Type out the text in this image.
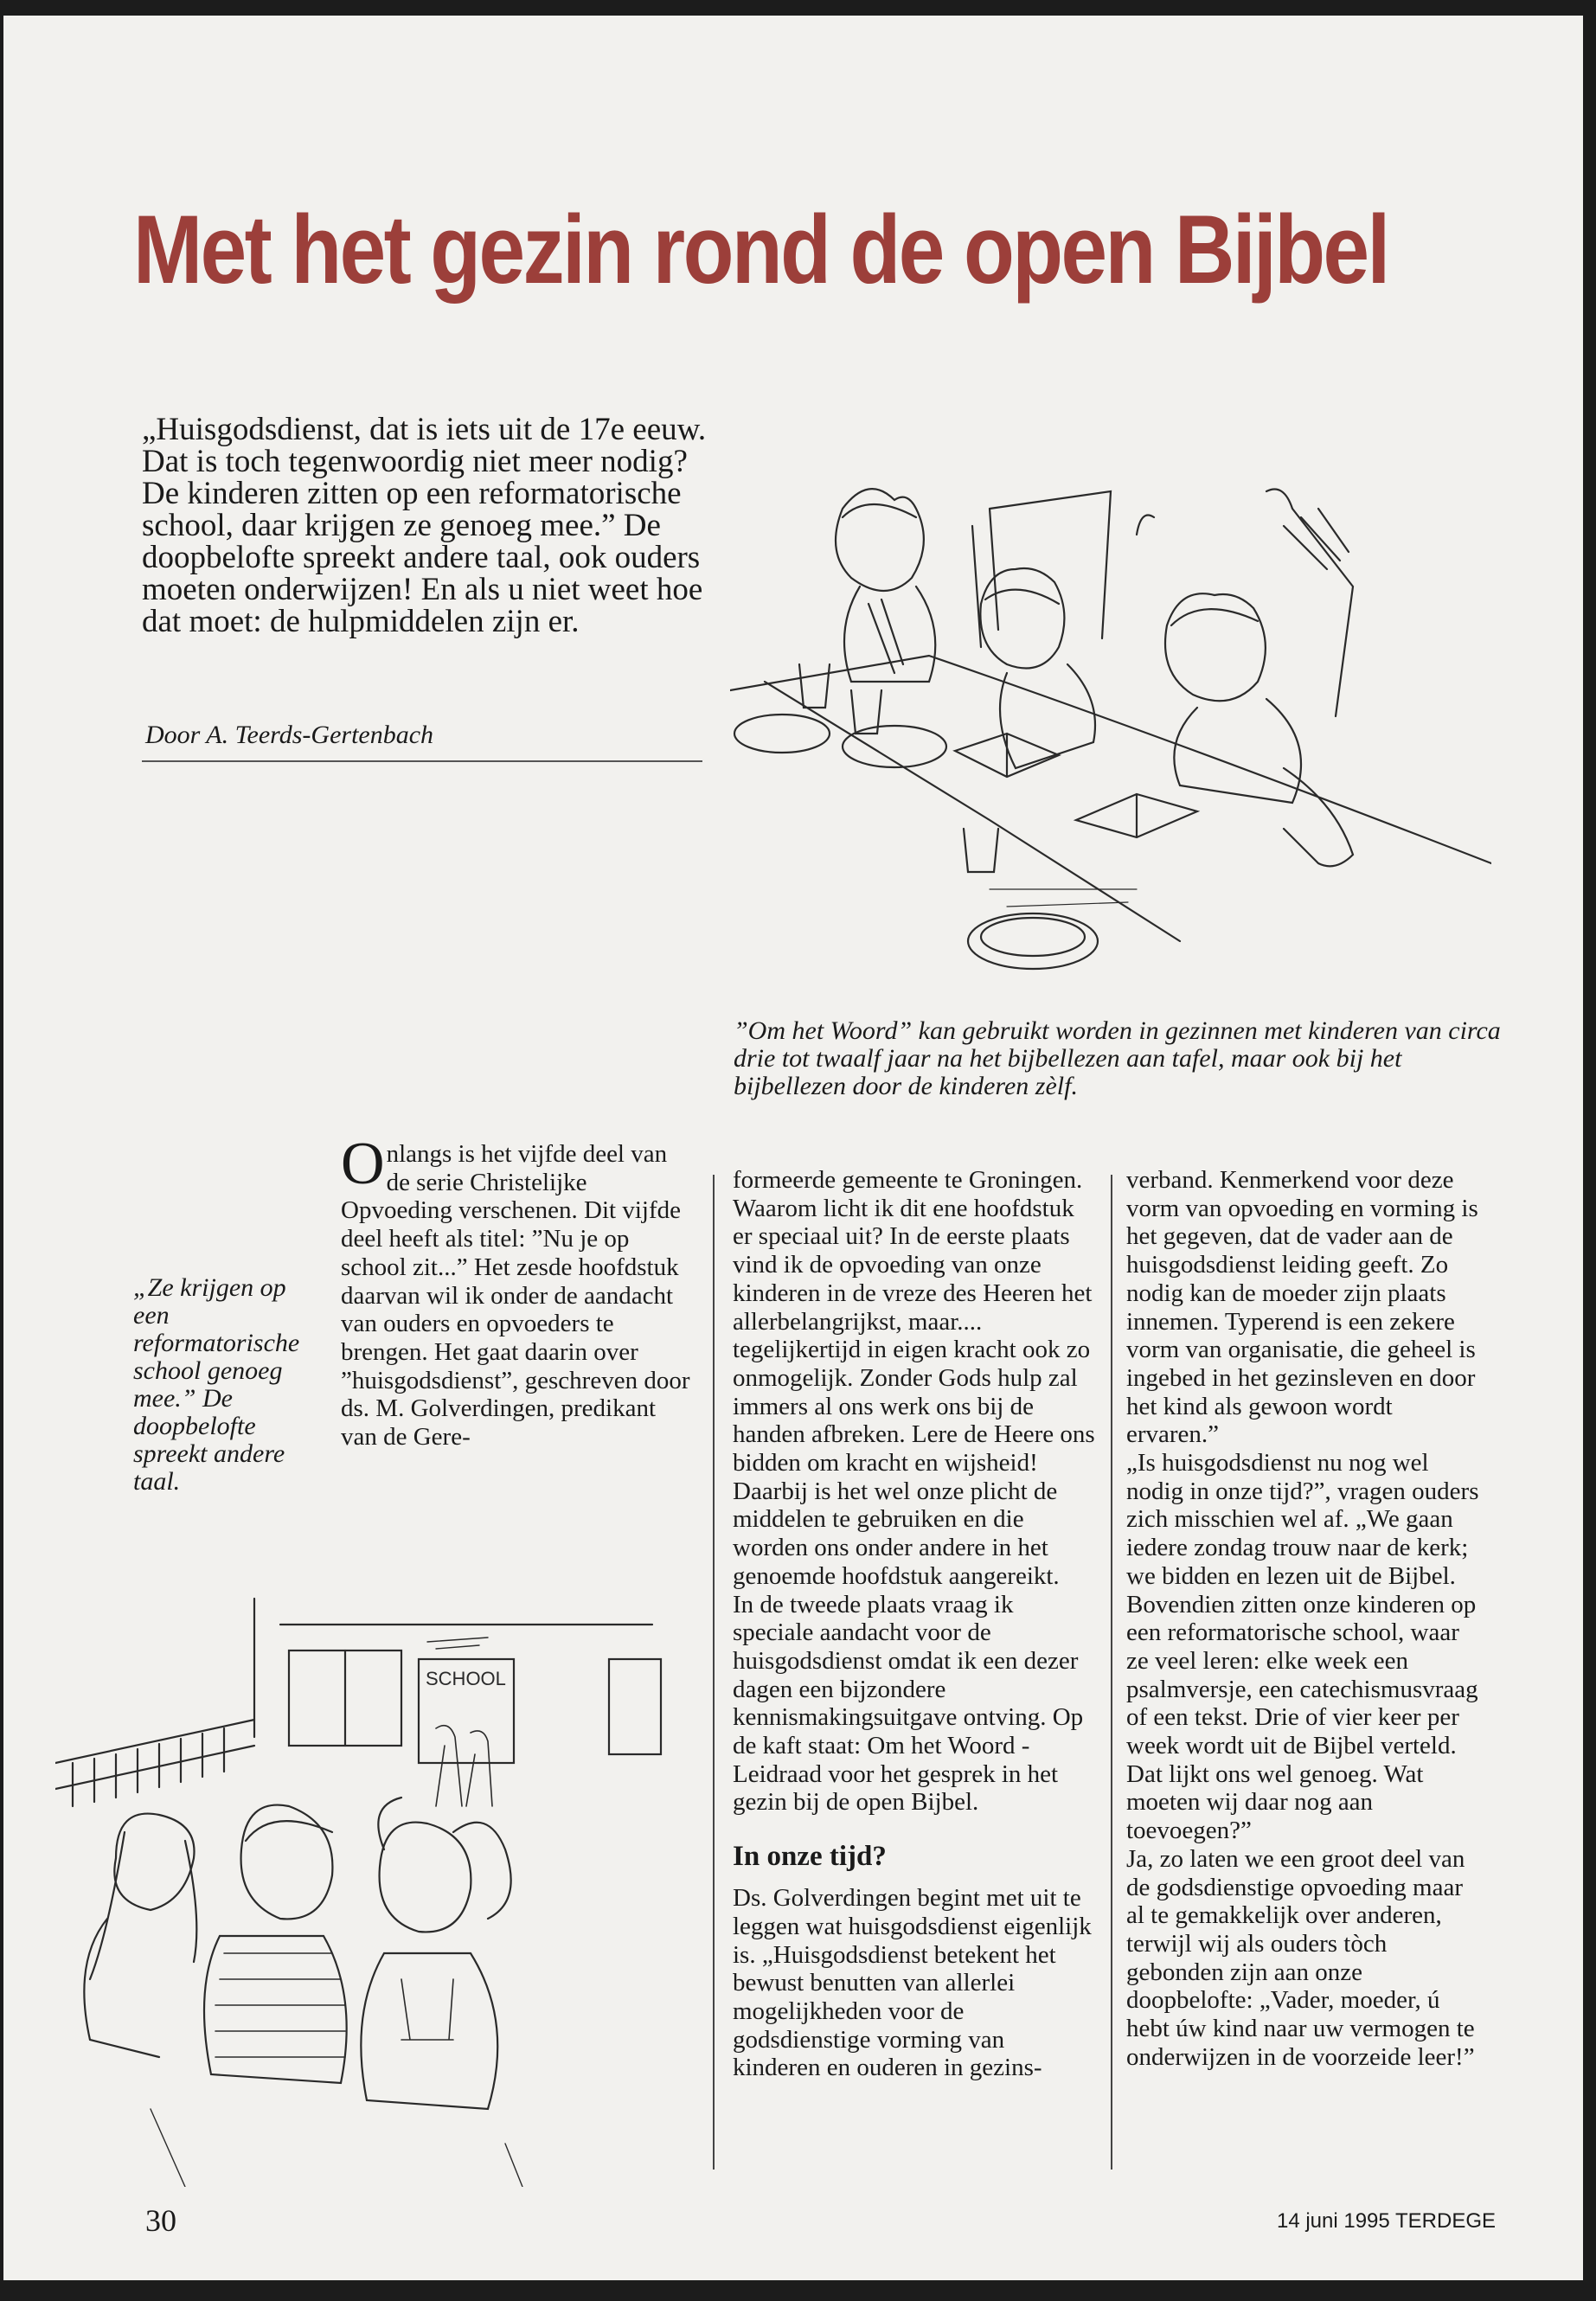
Met het gezin rond de open Bijbel

„Huisgodsdienst, dat is iets uit de 17e eeuw. Dat is toch tegenwoordig niet meer nodig? De kinderen zitten op een reformatorische school, daar krijgen ze genoeg mee.” De doopbelofte spreekt andere taal, ook ouders moeten onderwijzen! En als u niet weet hoe dat moet: de hulpmiddelen zijn er.

Door A. Teerds-Gertenbach

”Om het Woord” kan gebruikt worden in gezinnen met kinderen van circa drie tot twaalf jaar na het bijbellezen aan tafel, maar ook bij het bijbellezen door de kinderen zèlf.

„Ze krijgen op een reformatorische school genoeg mee.” De doopbelofte spreekt andere taal.

Onlangs is het vijfde deel van de serie Christelijke Opvoeding verschenen. Dit vijfde deel heeft als titel: ”Nu je op school zit...” Het zesde hoofdstuk daarvan wil ik onder de aandacht van ouders en opvoeders te brengen. Het gaat daarin over ”huisgodsdienst”, geschreven door ds. M. Golverdingen, predikant van de Gere-

formeerde gemeente te Groningen. Waarom licht ik dit ene hoofdstuk er speciaal uit? In de eerste plaats vind ik de opvoeding van onze kinderen in de vreze des Heeren het allerbelangrijkst, maar.... tegelijkertijd in eigen kracht ook zo onmogelijk. Zonder Gods hulp zal immers al ons werk ons bij de handen afbreken. Lere de Heere ons bidden om kracht en wijsheid! Daarbij is het wel onze plicht de middelen te gebruiken en die worden ons onder andere in het genoemde hoofdstuk aangereikt.

In de tweede plaats vraag ik speciale aandacht voor de huisgodsdienst omdat ik een dezer dagen een bijzondere kennismakingsuitgave ontving. Op de kaft staat: Om het Woord - Leidraad voor het gesprek in het gezin bij de open Bijbel.

In onze tijd?

Ds. Golverdingen begint met uit te leggen wat huisgodsdienst eigenlijk is. „Huisgodsdienst betekent het bewust benutten van allerlei mogelijkheden voor de godsdienstige vorming van kinderen en ouderen in gezins-

verband. Kenmerkend voor deze vorm van opvoeding en vorming is het gegeven, dat de vader aan de huisgodsdienst leiding geeft. Zo nodig kan de moeder zijn plaats innemen. Typerend is een zekere vorm van organisatie, die geheel is ingebed in het gezinsleven en door het kind als gewoon wordt ervaren.”

„Is huisgodsdienst nu nog wel nodig in onze tijd?”, vragen ouders zich misschien wel af. „We gaan iedere zondag trouw naar de kerk; we bidden en lezen uit de Bijbel. Bovendien zitten onze kinderen op een reformatorische school, waar ze veel leren: elke week een psalmversje, een catechismusvraag of een tekst. Drie of vier keer per week wordt uit de Bijbel verteld. Dat lijkt ons wel genoeg. Wat moeten wij daar nog aan toevoegen?”

Ja, zo laten we een groot deel van de godsdienstige opvoeding maar al te gemakkelijk over anderen, terwijl wij als ouders tòch gebonden zijn aan onze doopbelofte: „Vader, moeder, ú hebt úw kind naar uw vermogen te onderwijzen in de voorzeide leer!”

SCHOOL
30	14 juni 1995 TERDEGE
